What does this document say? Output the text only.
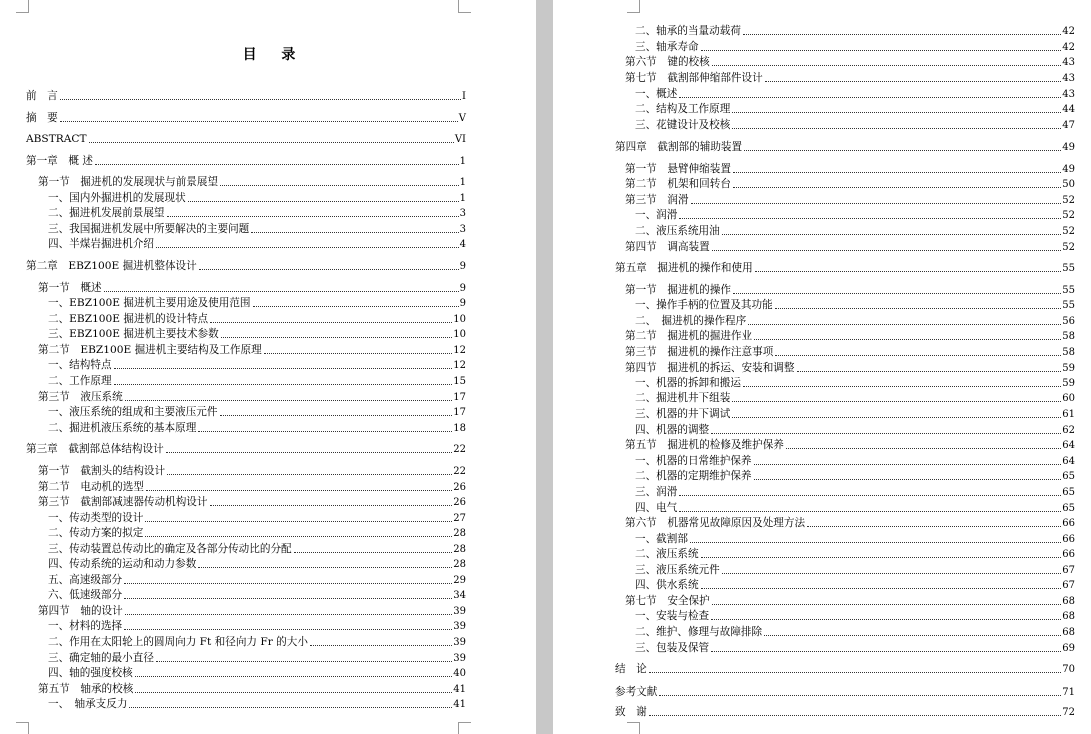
目 录
前　言	I
摘　要	V
ABSTRACT	VI
第一章　概 述	1
第一节　掘进机的发展现状与前景展望	1
一、国内外掘进机的发展现状	1
二、掘进机发展前景展望	3
三、我国掘进机发展中所要解决的主要问题	3
四、半煤岩掘进机介绍	4
第二章　EBZ100E 掘进机整体设计	9
第一节　概述	9
一、EBZ100E 掘进机主要用途及使用范围	9
二、EBZ100E 掘进机的设计特点	10
三、EBZ100E 掘进机主要技术参数	10
第二节　EBZ100E 掘进机主要结构及工作原理	12
一、结构特点	12
二、工作原理	15
第三节　液压系统	17
一、液压系统的组成和主要液压元件	17
二、掘进机液压系统的基本原理	18
第三章　截割部总体结构设计	22
第一节　截割头的结构设计	22
第二节　电动机的选型	26
第三节　截割部减速器传动机构设计	26
一、传动类型的设计	27
二、传动方案的拟定	28
三、传动装置总传动比的确定及各部分传动比的分配	28
四、传动系统的运动和动力参数	28
五、高速级部分	29
六、低速级部分	34
第四节　轴的设计	39
一、材料的选择	39
二、作用在太阳轮上的圆周向力 Ft 和径向力 Fr 的大小	39
三、确定轴的最小直径	39
四、轴的强度校核	40
第五节　轴承的校核	41
一、　轴承支反力	41
二、轴承的当量动载荷	42
三、轴承寿命	42
第六节　键的校核	43
第七节　截割部伸缩部件设计	43
一、概述	43
二、结构及工作原理	44
三、花键设计及校核	47
第四章　截割部的辅助装置	49
第一节　悬臂伸缩装置	49
第二节　机架和回转台	50
第三节　润滑	52
一、润滑	52
二、液压系统用油	52
第四节　调高装置	52
第五章　掘进机的操作和使用	55
第一节　掘进机的操作	55
一、操作手柄的位置及其功能	55
二、　掘进机的操作程序	56
第二节　掘进机的掘进作业	58
第三节　掘进机的操作注意事项	58
第四节　掘进机的拆运、安装和调整	59
一、机器的拆卸和搬运	59
二、掘进机井下组装	60
三、机器的井下调试	61
四、机器的调整	62
第五节　掘进机的检修及维护保养	64
一、机器的日常维护保养	64
二、机器的定期维护保养	65
三、润滑	65
四、电气	65
第六节　机器常见故障原因及处理方法	66
一、截割部	66
二、液压系统	66
三、液压系统元件	67
四、供水系统	67
第七节　安全保护	68
一、安装与检查	68
二、维护、修理与故障排除	68
三、包装及保管	69
结　论	70
参考文献	71
致　谢	72
